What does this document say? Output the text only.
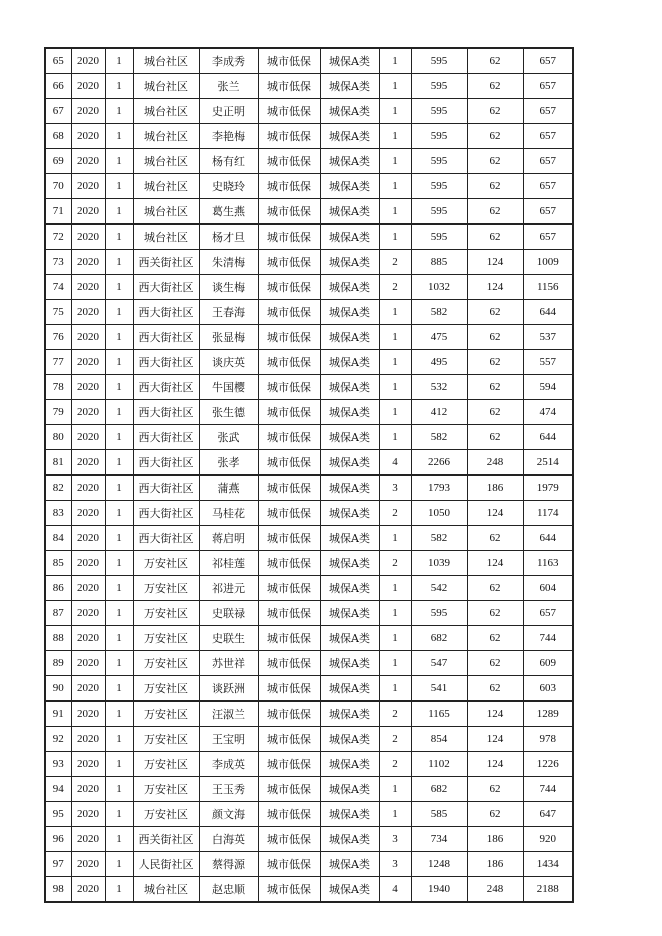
65	2020	1	城台社区	李成秀	城市低保	城保A类	1	595	62	657
66	2020	1	城台社区	张兰	城市低保	城保A类	1	595	62	657
67	2020	1	城台社区	史正明	城市低保	城保A类	1	595	62	657
68	2020	1	城台社区	李艳梅	城市低保	城保A类	1	595	62	657
69	2020	1	城台社区	杨有红	城市低保	城保A类	1	595	62	657
70	2020	1	城台社区	史晓玲	城市低保	城保A类	1	595	62	657
71	2020	1	城台社区	葛生燕	城市低保	城保A类	1	595	62	657
72	2020	1	城台社区	杨才旦	城市低保	城保A类	1	595	62	657
73	2020	1	西关街社区	朱清梅	城市低保	城保A类	2	885	124	1009
74	2020	1	西大街社区	谈生梅	城市低保	城保A类	2	1032	124	1156
75	2020	1	西大街社区	王春海	城市低保	城保A类	1	582	62	644
76	2020	1	西大街社区	张显梅	城市低保	城保A类	1	475	62	537
77	2020	1	西大街社区	谈庆英	城市低保	城保A类	1	495	62	557
78	2020	1	西大街社区	牛国樱	城市低保	城保A类	1	532	62	594
79	2020	1	西大街社区	张生德	城市低保	城保A类	1	412	62	474
80	2020	1	西大街社区	张武	城市低保	城保A类	1	582	62	644
81	2020	1	西大街社区	张孝	城市低保	城保A类	4	2266	248	2514
82	2020	1	西大街社区	蒲燕	城市低保	城保A类	3	1793	186	1979
83	2020	1	西大街社区	马桂花	城市低保	城保A类	2	1050	124	1174
84	2020	1	西大街社区	蒋启明	城市低保	城保A类	1	582	62	644
85	2020	1	万安社区	祁桂莲	城市低保	城保A类	2	1039	124	1163
86	2020	1	万安社区	祁进元	城市低保	城保A类	1	542	62	604
87	2020	1	万安社区	史联禄	城市低保	城保A类	1	595	62	657
88	2020	1	万安社区	史联生	城市低保	城保A类	1	682	62	744
89	2020	1	万安社区	苏世祥	城市低保	城保A类	1	547	62	609
90	2020	1	万安社区	谈跃洲	城市低保	城保A类	1	541	62	603
91	2020	1	万安社区	汪淑兰	城市低保	城保A类	2	1165	124	1289
92	2020	1	万安社区	王宝明	城市低保	城保A类	2	854	124	978
93	2020	1	万安社区	李成英	城市低保	城保A类	2	1102	124	1226
94	2020	1	万安社区	王玉秀	城市低保	城保A类	1	682	62	744
95	2020	1	万安社区	颜文海	城市低保	城保A类	1	585	62	647
96	2020	1	西关街社区	白海英	城市低保	城保A类	3	734	186	920
97	2020	1	人民街社区	蔡得源	城市低保	城保A类	3	1248	186	1434
98	2020	1	城台社区	赵忠顺	城市低保	城保A类	4	1940	248	2188
